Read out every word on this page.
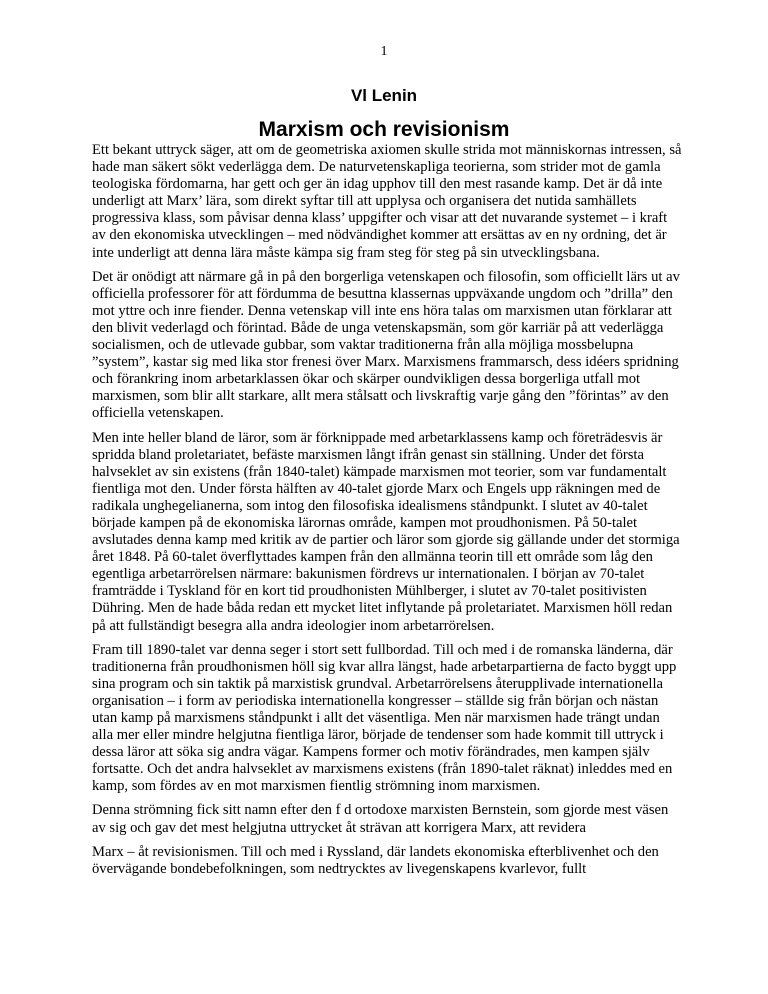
1
Vl Lenin
Marxism och revisionism

Ett bekant uttryck säger, att om de geometriska axiomen skulle strida mot människornas intressen, så hade man säkert sökt vederlägga dem. De naturvetenskapliga teorierna, som strider mot de gamla teologiska fördomarna, har gett och ger än idag upphov till den mest rasande kamp. Det är då inte underligt att Marx’ lära, som direkt syftar till att upplysa och organisera det nutida samhällets progressiva klass, som påvisar denna klass’ uppgifter och visar att det nuvarande systemet – i kraft av den ekonomiska utvecklingen – med nödvändighet kommer att ersättas av en ny ordning, det är inte underligt att denna lära måste kämpa sig fram steg för steg på sin utvecklingsbana.

Det är onödigt att närmare gå in på den borgerliga vetenskapen och filosofin, som officiellt lärs ut av officiella professorer för att fördumma de besuttna klassernas uppväxande ungdom och ”drilla” den mot yttre och inre fiender. Denna vetenskap vill inte ens höra talas om marxismen utan förklarar att den blivit vederlagd och förintad. Både de unga vetenskapsmän, som gör karriär på att vederlägga socialismen, och de utlevade gubbar, som vaktar traditionerna från alla möjliga mossbelupna ”system”, kastar sig med lika stor frenesi över Marx. Marxismens frammarsch, dess idéers spridning och förankring inom arbetarklassen ökar och skärper oundvikligen dessa borgerliga utfall mot marxismen, som blir allt starkare, allt mera stålsatt och livskraftig varje gång den ”förintas” av den officiella vetenskapen.

Men inte heller bland de läror, som är förknippade med arbetarklassens kamp och företrädesvis är spridda bland proletariatet, befäste marxismen långt ifrån genast sin ställning. Under det första halvseklet av sin existens (från 1840-talet) kämpade marxismen mot teorier, som var fundamentalt fientliga mot den. Under första hälften av 40-talet gjorde Marx och Engels upp räkningen med de radikala unghegelianerna, som intog den filosofiska idealismens ståndpunkt. I slutet av 40-talet började kampen på de ekonomiska lärornas område, kampen mot proudhonismen. På 50-talet avslutades denna kamp med kritik av de partier och läror som gjorde sig gällande under det stormiga året 1848. På 60-talet överflyttades kampen från den allmänna teorin till ett område som låg den egentliga arbetarrörelsen närmare: bakunismen fördrevs ur internationalen. I början av 70-talet framträdde i Tyskland för en kort tid proudhonisten Mühlberger, i slutet av 70-talet positivisten Dühring. Men de hade båda redan ett mycket litet inflytande på proletariatet. Marxismen höll redan på att fullständigt besegra alla andra ideologier inom arbetarrörelsen.

Fram till 1890-talet var denna seger i stort sett fullbordad. Till och med i de romanska länderna, där traditionerna från proudhonismen höll sig kvar allra längst, hade arbetarpartierna de facto byggt upp sina program och sin taktik på marxistisk grundval. Arbetarrörelsens återupplivade internationella organisation – i form av periodiska internationella kongresser – ställde sig från början och nästan utan kamp på marxismens ståndpunkt i allt det väsentliga. Men när marxismen hade trängt undan alla mer eller mindre helgjutna fientliga läror, började de tendenser som hade kommit till uttryck i dessa läror att söka sig andra vägar. Kampens former och motiv förändrades, men kampen själv fortsatte. Och det andra halvseklet av marxismens existens (från 1890-talet räknat) inleddes med en kamp, som fördes av en mot marxismen fientlig strömning inom marxismen.

Denna strömning fick sitt namn efter den f d ortodoxe marxisten Bernstein, som gjorde mest väsen av sig och gav det mest helgjutna uttrycket åt strävan att korrigera Marx, att revidera

Marx – åt revisionismen. Till och med i Ryssland, där landets ekonomiska efterblivenhet och den övervägande bondebefolkningen, som nedtrycktes av livegenskapens kvarlevor, fullt
